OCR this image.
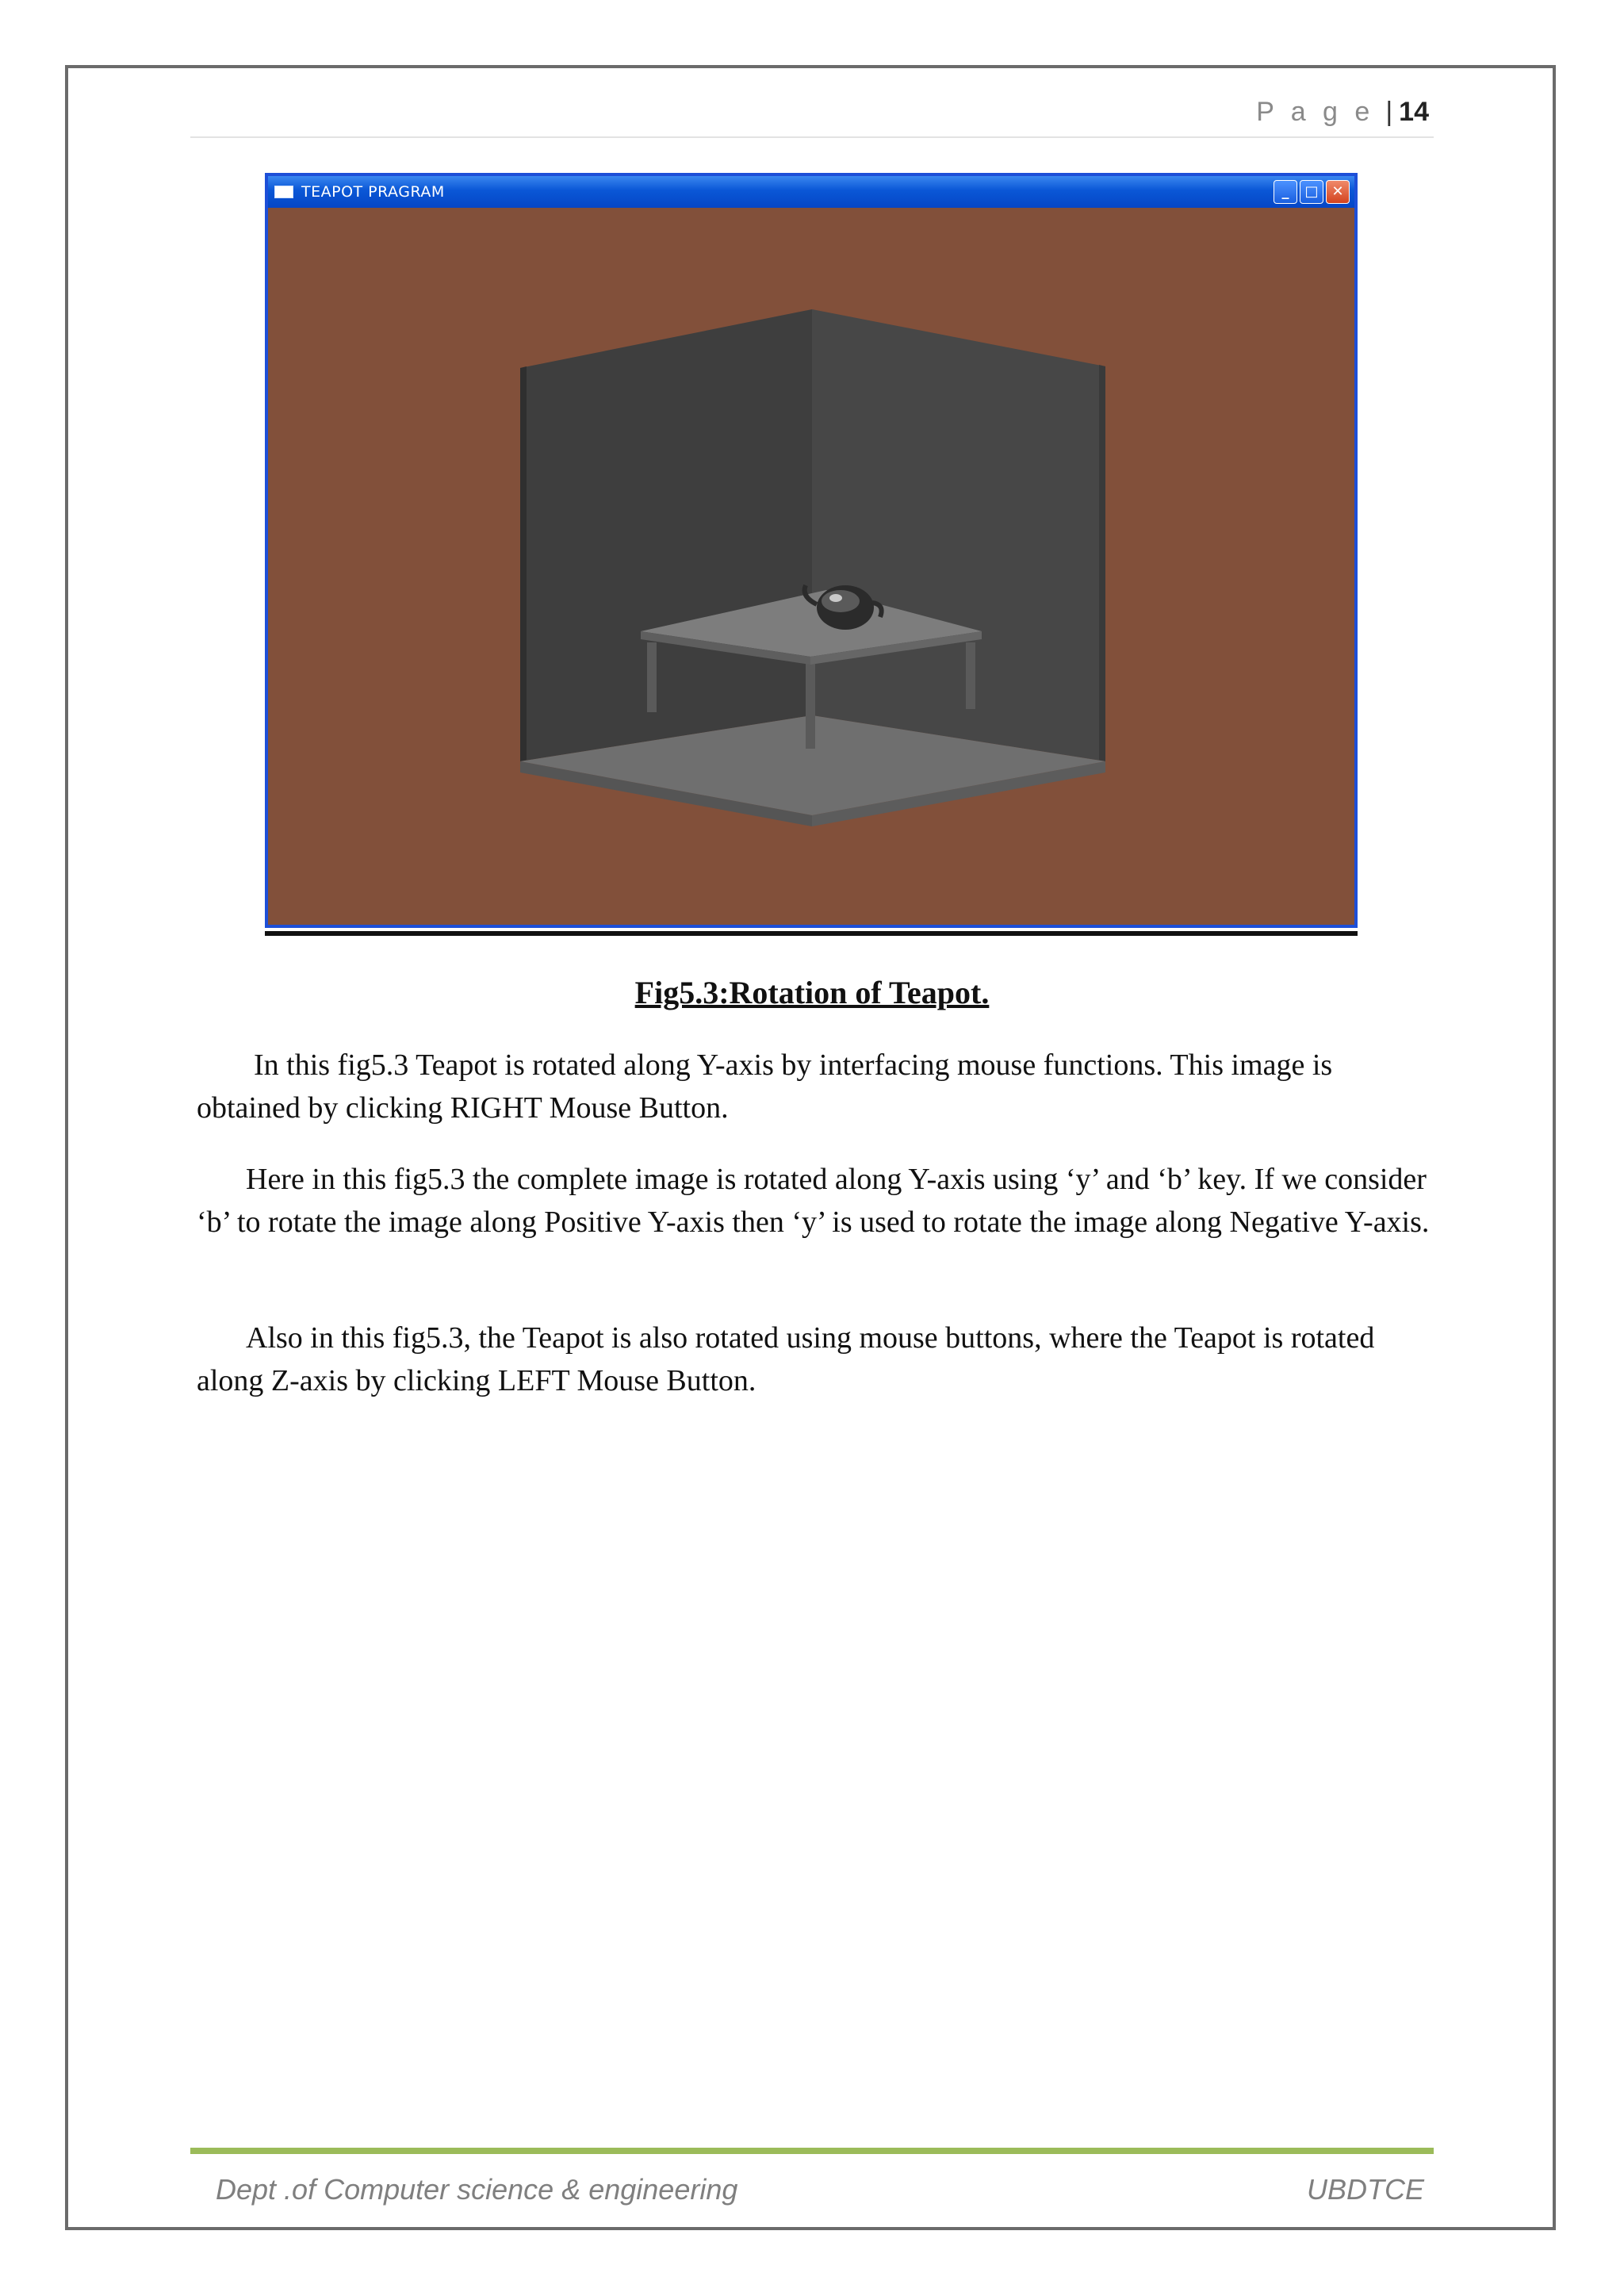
P a g e | 14
TEAPOT PRAGRAM	_	□ ✕
Fig5.3:Rotation of Teapot.

In this fig5.3 Teapot is rotated along Y-axis by interfacing mouse functions. This image is obtained by clicking RIGHT Mouse Button.

Here in this fig5.3 the complete image is rotated along Y-axis using ‘y’ and ‘b’ key. If we consider ‘b’ to rotate the image along Positive Y-axis then ‘y’ is used to rotate the image along Negative Y-axis.

Also in this fig5.3, the Teapot is also rotated using mouse buttons, where the Teapot is rotated along Z-axis by clicking LEFT Mouse Button.

Dept .of Computer science & engineering	UBDTCE
